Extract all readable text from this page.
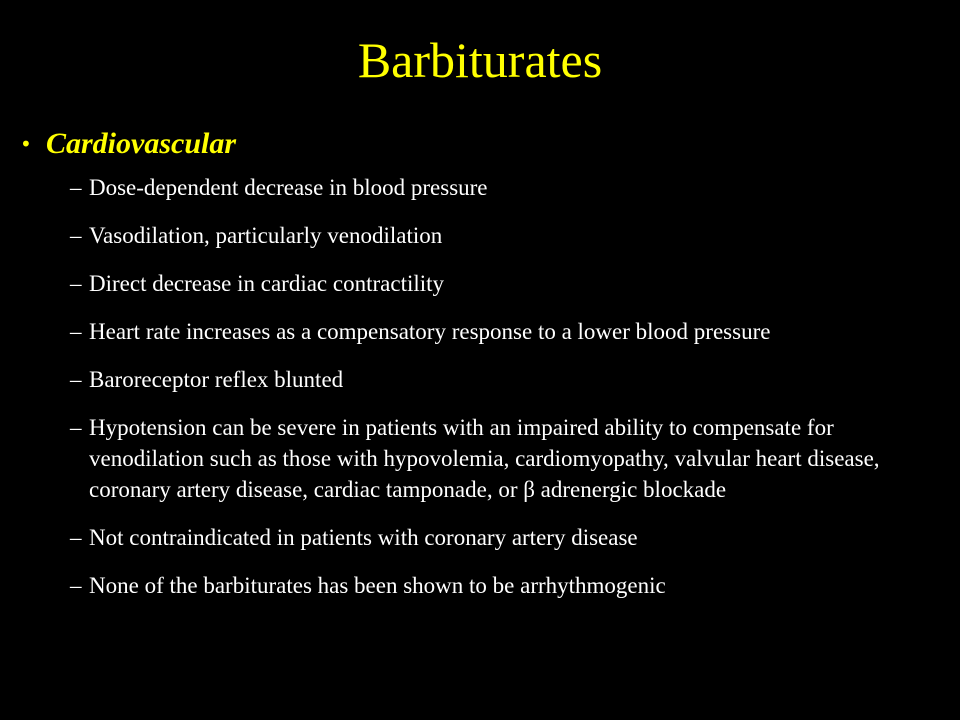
Barbiturates
• Cardiovascular
– Dose-dependent decrease in blood pressure
– Vasodilation, particularly venodilation
– Direct decrease in cardiac contractility
– Heart rate increases as a compensatory response to a lower blood pressure
– Baroreceptor reflex blunted
– Hypotension can be severe in patients with an impaired ability to compensate for venodilation such as those with hypovolemia, cardiomyopathy, valvular heart disease, coronary artery disease, cardiac tamponade, or β adrenergic blockade
– Not contraindicated in patients with coronary artery disease
– None of the barbiturates has been shown to be arrhythmogenic
